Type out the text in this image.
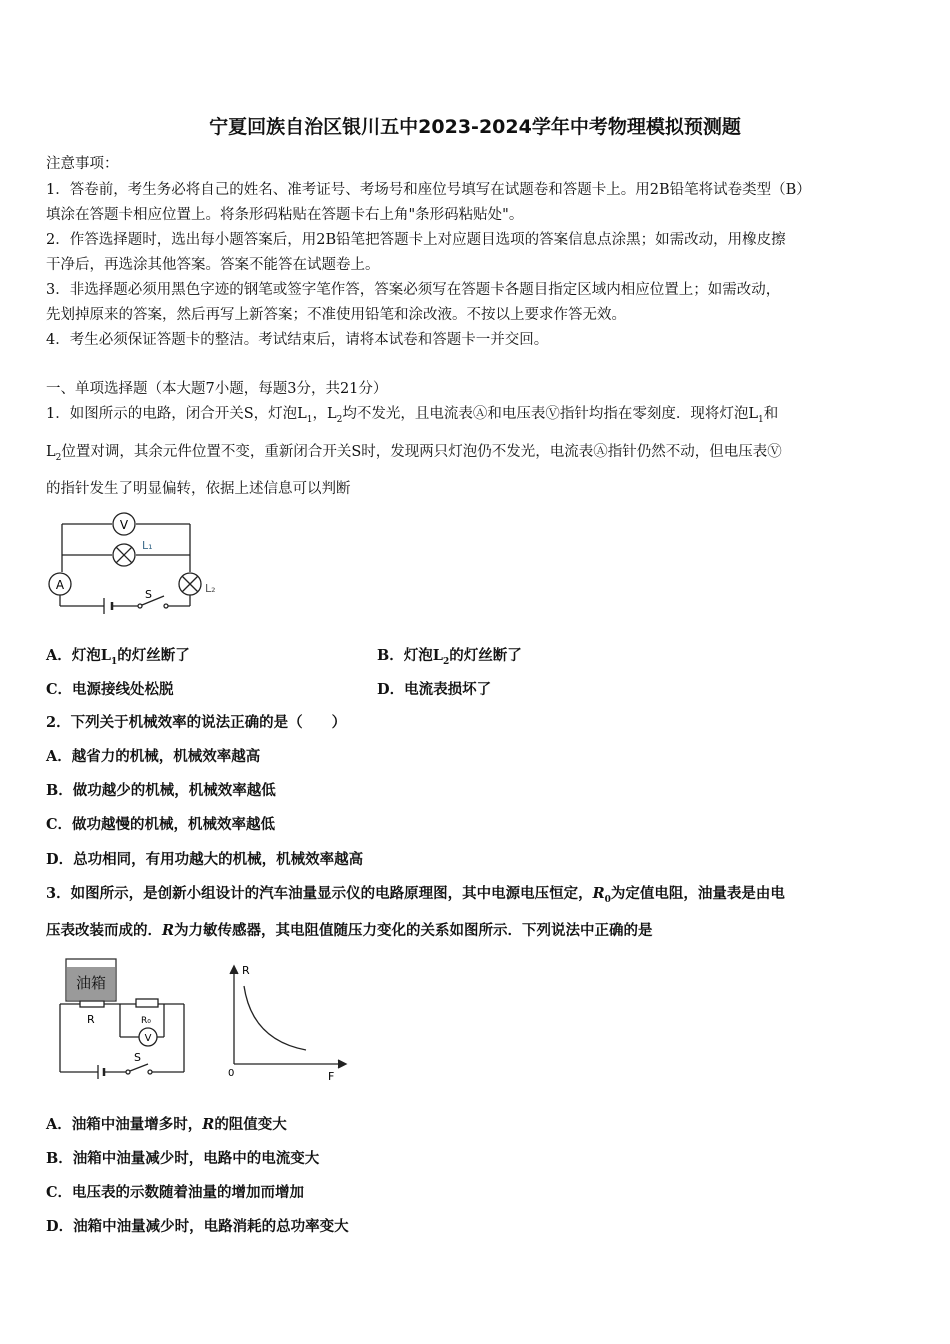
宁夏回族自治区银川五中2023-2024学年中考物理模拟预测题
注意事项：
1．答卷前，考生务必将自己的姓名、准考证号、考场号和座位号填写在试题卷和答题卡上。用2B铅笔将试卷类型（B）
填涂在答题卡相应位置上。将条形码粘贴在答题卡右上角"条形码粘贴处"。
2．作答选择题时，选出每小题答案后，用2B铅笔把答题卡上对应题目选项的答案信息点涂黑；如需改动，用橡皮擦
干净后，再选涂其他答案。答案不能答在试题卷上。
3．非选择题必须用黑色字迹的钢笔或签字笔作答，答案必须写在答题卡各题目指定区域内相应位置上；如需改动，
先划掉原来的答案，然后再写上新答案；不准使用铅笔和涂改液。不按以上要求作答无效。
4．考生必须保证答题卡的整洁。考试结束后，请将本试卷和答题卡一并交回。
一、单项选择题（本大题7小题，每题3分，共21分）
1．如图所示的电路，闭合开关S，灯泡$L_1$，$L_2$均不发光，且电流表Ⓐ和电压表Ⓥ指针均指在零刻度．现将灯泡$L_1$和
$L_2$位置对调，其余元件位置不变，重新闭合开关S时，发现两只灯泡仍不发光，电流表Ⓐ指针仍然不动，但电压表Ⓥ
的指针发生了明显偏转，依据上述信息可以判断
V
A
L₁
L₂
S
A．灯泡$L_1$的灯丝断了	B．灯泡$L_2$的灯丝断了
C．电源接线处松脱	D．电流表损坏了
2．下列关于机械效率的说法正确的是（　　）
A．越省力的机械，机械效率越高
B．做功越少的机械，机械效率越低
C．做功越慢的机械，机械效率越低
D．总功相同，有用功越大的机械，机械效率越高
3．如图所示，是创新小组设计的汽车油量显示仪的电路原理图，其中电源电压恒定，$R_0$为定值电阻，油量表是由电
压表改装而成的．R为力敏传感器，其电阻值随压力变化的关系如图所示．下列说法中正确的是
油箱
R	R₀
V
S
R
F
0
A．油箱中油量增多时，R的阻值变大
B．油箱中油量减少时，电路中的电流变大
C．电压表的示数随着油量的增加而增加
D．油箱中油量减少时，电路消耗的总功率变大
